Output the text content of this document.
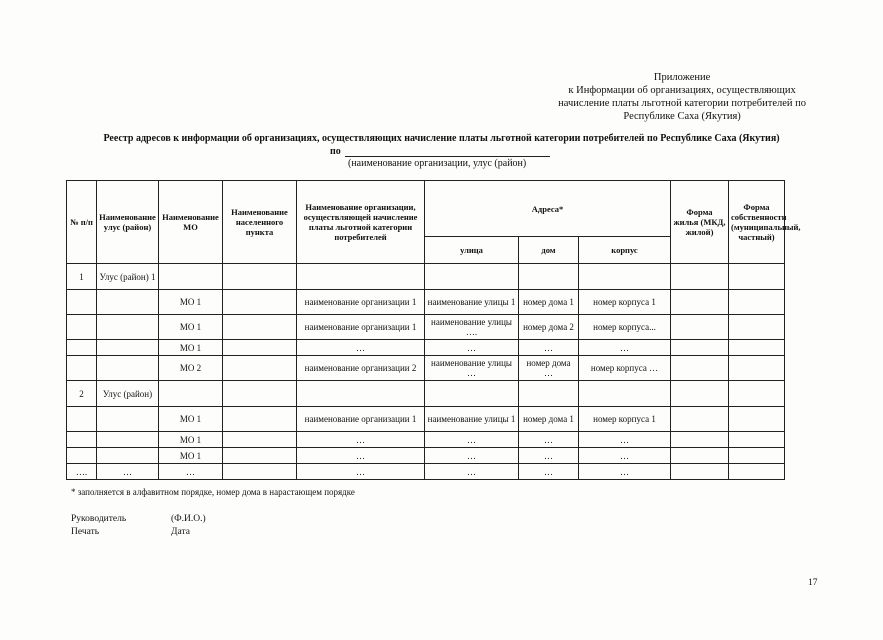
Приложение
к Информации об организациях, осуществляющих
начисление платы льготной категории потребителей по
Республике Саха (Якутия)
Реестр адресов к информации об организациях, осуществляющих начисление платы льготной категории потребителей по Республике Саха (Якутия)
по
(наименование организации, улус (район)
№ п/п	Наименование улус (район)	Наименование МО	Наименование населенного пункта	Наименование организации, осуществляющей начисление платы льготной категории потребителей	Адреса*			Форма жилья (МКД, жилой)	Форма собственности (муниципальный, частный)
					улица	дом	корпус		
1	Улус (район) 1								
		МО 1		наименование организации 1	наименование улицы 1	номер дома 1	номер корпуса 1		
		МО 1		наименование организации 1	наименование улицы ….	номер дома 2	номер корпуса...		
		МО 1		…	…	…	…		
		МО 2		наименование организации 2	наименование улицы …	номер дома …	номер корпуса …		
2	Улус (район)								
		МО 1		наименование организации 1	наименование улицы 1	номер дома 1	номер корпуса 1		
		МО 1		…	…	…	…		
		МО 1		…	…	…	…		
….	…	…		…	…	…	…		
* заполняется в алфавитном порядке, номер дома в нарастающем порядке
Руководитель	(Ф.И.О.)
Печать	Дата
17
